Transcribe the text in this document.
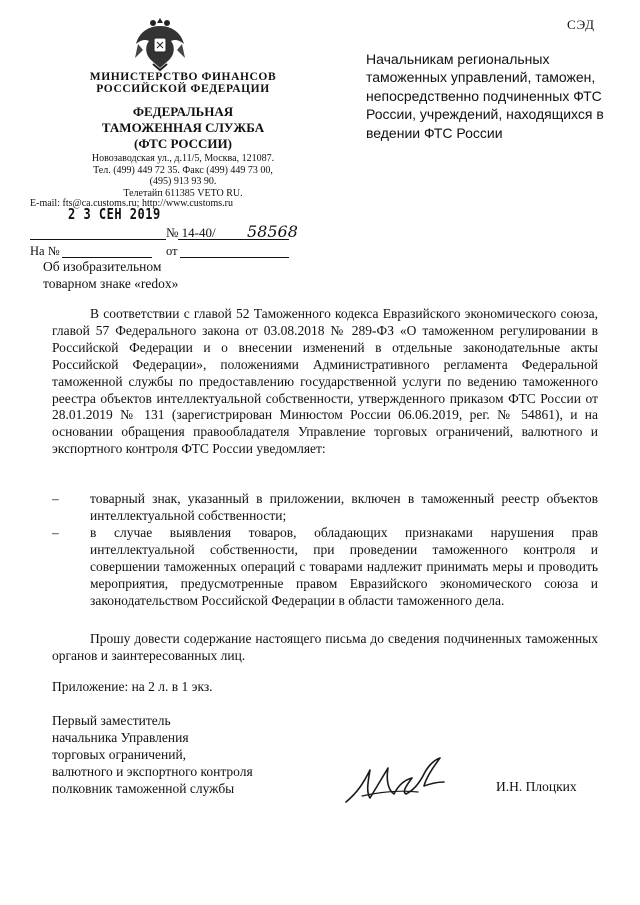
СЭД
МИНИСТЕРСТВО ФИНАНСОВ
РОССИЙСКОЙ ФЕДЕРАЦИИ
ФЕДЕРАЛЬНАЯ
ТАМОЖЕННАЯ СЛУЖБА
(ФТС РОССИИ)
Новозаводская ул., д.11/5, Москва, 121087.
Тел. (499) 449 72 35. Факс (499) 449 73 00,
(495) 913 93 90.
Телетайп 611385 VETO RU.
E-mail: fts@ca.customs.ru; http://www.customs.ru
2 3 СЕН 2019
№ 14-40/ 58568
На №	от
Об изобразительном
товарном знаке «redox»
Начальникам региональных таможенных управлений, таможен, непосредственно подчиненных ФТС России, учреждений, находящихся в ведении ФТС России
В соответствии с главой 52 Таможенного кодекса Евразийского экономического союза, главой 57 Федерального закона от 03.08.2018 № 289-ФЗ «О таможенном регулировании в Российской Федерации и о внесении изменений в отдельные законодательные акты Российской Федерации», положениями Административного регламента Федеральной таможенной службы по предоставлению государственной услуги по ведению таможенного реестра объектов интеллектуальной собственности, утвержденного приказом ФТС России от 28.01.2019 № 131 (зарегистрирован Минюстом России 06.06.2019, рег. № 54861), и на основании обращения правообладателя Управление торговых ограничений, валютного и экспортного контроля ФТС России уведомляет:
– товарный знак, указанный в приложении, включен в таможенный реестр объектов интеллектуальной собственности;
– в случае выявления товаров, обладающих признаками нарушения прав интеллектуальной собственности, при проведении таможенного контроля и совершении таможенных операций с товарами надлежит принимать меры и проводить мероприятия, предусмотренные правом Евразийского экономического союза и законодательством Российской Федерации в области таможенного дела.
Прошу довести содержание настоящего письма до сведения подчиненных таможенных органов и заинтересованных лиц.
Приложение: на 2 л. в 1 экз.
Первый заместитель
начальника Управления
торговых ограничений,
валютного и экспортного контроля
полковник таможенной службы	И.Н. Плоцких
